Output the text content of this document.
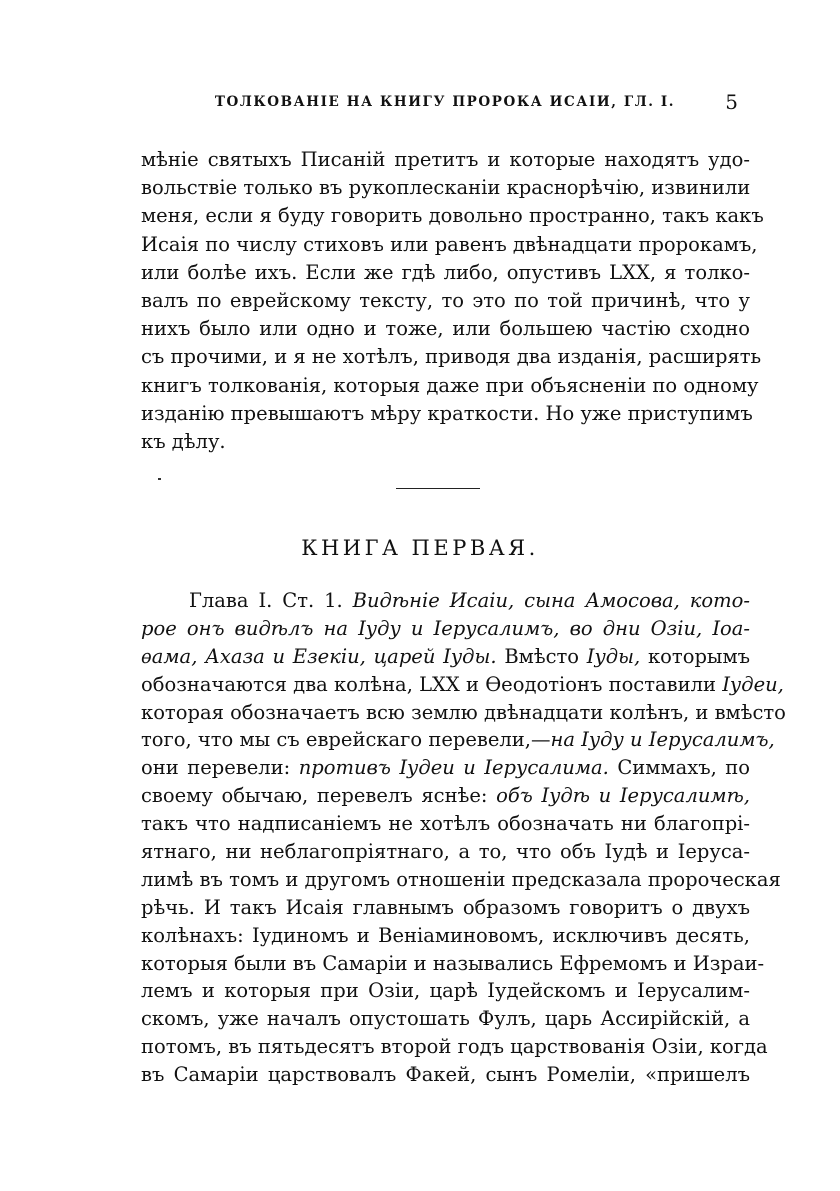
ТОЛКОВАНІЕ НА КНИГУ ПРОРОКА ИСАІИ, ГЛ. I.	5
мѣніе святыхъ Писаній претитъ и которые находятъ удо-
вольствіе только въ рукоплесканіи краснорѣчію, извинили
меня, если я буду говорить довольно пространно, такъ какъ
Исаія по числу стиховъ или равенъ двѣнадцати пророкамъ,
или болѣе ихъ. Если же гдѣ либо, опустивъ LXX, я толко-
валъ по еврейскому тексту, то это по той причинѣ, что у
нихъ было или одно и тоже, или большею частію сходно
съ прочими, и я не хотѣлъ, приводя два изданія, расширять
книгъ толкованія, которыя даже при объясненіи по одному
изданію превышаютъ мѣру краткости. Но уже приступимъ
къ дѣлу.
КНИГА ПЕРВАЯ.
Глава I. Ст. 1. Видѣніе Исаіи, сына Амосова, кото-
рое онъ видѣлъ на Іуду и Іерусалимъ, во дни Озіи, Іоа-
ѳама, Ахаза и Езекіи, царей Іуды. Вмѣсто Іуды, которымъ
обозначаются два колѣна, LXX и Ѳеодотіонъ поставили Іудеи,
которая обозначаетъ всю землю двѣнадцати колѣнъ, и вмѣсто
того, что мы съ еврейскаго перевели,—на Іуду и Іерусалимъ,
они перевели: противъ Іудеи и Іерусалима. Симмахъ, по
своему обычаю, перевелъ яснѣе: объ Іудѣ и Іерусалимѣ,
такъ что надписаніемъ не хотѣлъ обозначать ни благопрі-
ятнаго, ни неблагопріятнаго, а то, что объ Іудѣ и Іеруса-
лимѣ въ томъ и другомъ отношеніи предсказала пророческая
рѣчь. И такъ Исаія главнымъ образомъ говоритъ о двухъ
колѣнахъ: Іудиномъ и Веніаминовомъ, исключивъ десять,
которыя были въ Самаріи и назывались Ефремомъ и Израи-
лемъ и которыя при Озіи, царѣ Іудейскомъ и Іерусалим-
скомъ, уже началъ опустошать Фулъ, царь Ассирійскій, а
потомъ, въ пятьдесятъ второй годъ царствованія Озіи, когда
въ Самаріи царствовалъ Факей, сынъ Ромеліи, «пришелъ
